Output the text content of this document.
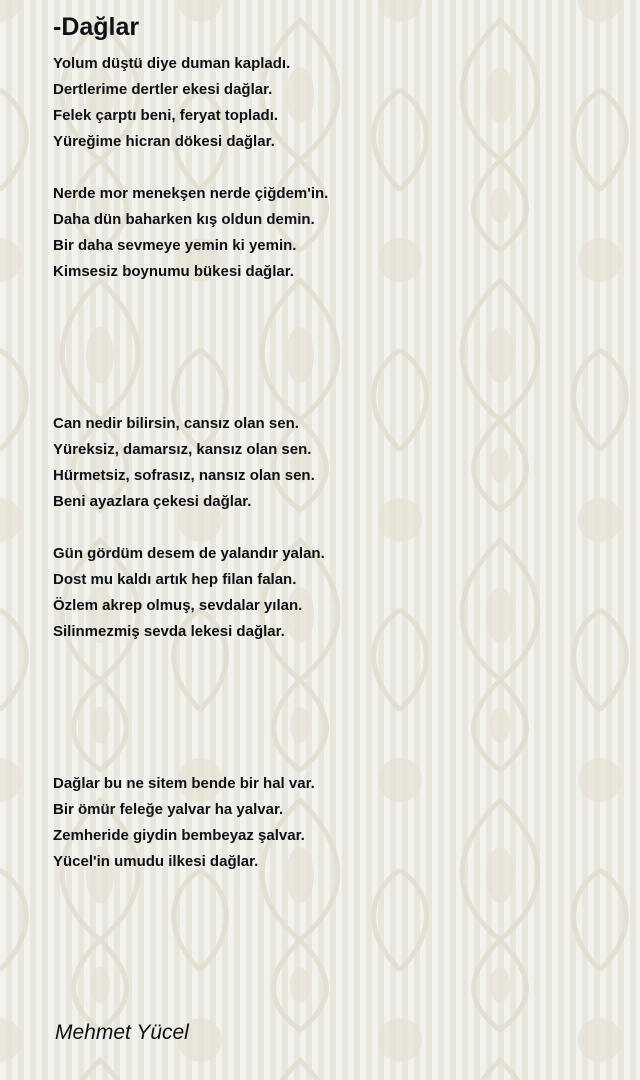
-Dağlar
Yolum düştü diye duman kapladı.
Dertlerime dertler ekesi dağlar.
Felek çarptı beni, feryat topladı.
Yüreğime hicran dökesi dağlar.
Nerde mor menekşen nerde çiğdem'in.
Daha dün baharken kış oldun demin.
Bir daha sevmeye yemin ki yemin.
Kimsesiz boynumu bükesi dağlar.
Can nedir bilirsin, cansız olan sen.
Yüreksiz, damarsız, kansız olan sen.
Hürmetsiz, sofrasız, nansız olan sen.
Beni ayazlara çekesi dağlar.
Gün gördüm desem de yalandır yalan.
Dost mu kaldı artık hep filan falan.
Özlem akrep olmuş, sevdalar yılan.
Silinmezmiş sevda lekesi dağlar.
Dağlar bu ne sitem bende bir hal var.
Bir ömür feleğe yalvar ha yalvar.
Zemheride giydin bembeyaz şalvar.
Yücel'in umudu ilkesi dağlar.
Mehmet Yücel
